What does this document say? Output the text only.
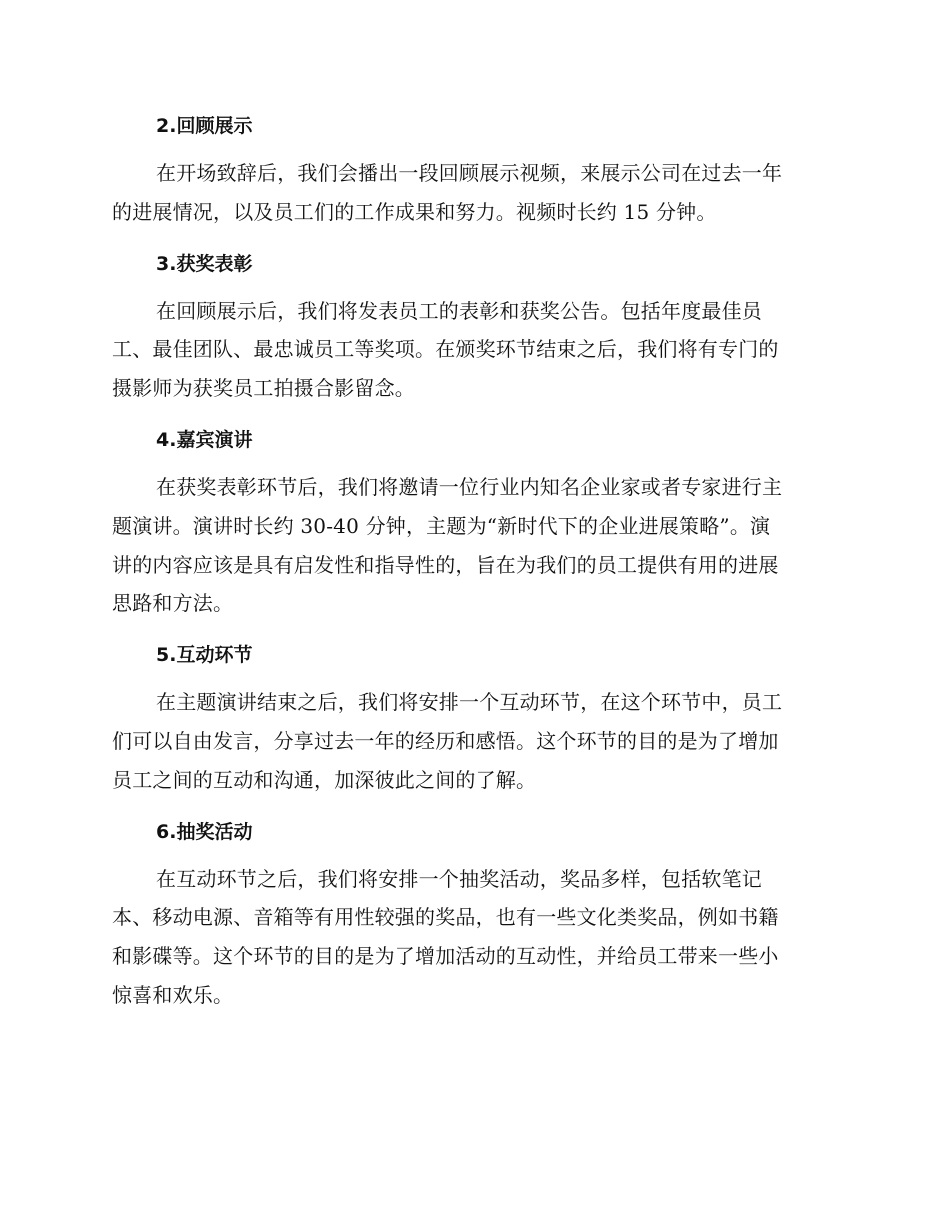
2.回顾展示
在开场致辞后，我们会播出一段回顾展示视频，来展示公司在过去一年
的进展情况，以及员工们的工作成果和努力。视频时长约 15 分钟。
3.获奖表彰
在回顾展示后，我们将发表员工的表彰和获奖公告。包括年度最佳员
工、最佳团队、最忠诚员工等奖项。在颁奖环节结束之后，我们将有专门的
摄影师为获奖员工拍摄合影留念。
4.嘉宾演讲
在获奖表彰环节后，我们将邀请一位行业内知名企业家或者专家进行主
题演讲。演讲时长约 30-40 分钟，主题为“新时代下的企业进展策略”。演
讲的内容应该是具有启发性和指导性的，旨在为我们的员工提供有用的进展
思路和方法。
5.互动环节
在主题演讲结束之后，我们将安排一个互动环节，在这个环节中，员工
们可以自由发言，分享过去一年的经历和感悟。这个环节的目的是为了增加
员工之间的互动和沟通，加深彼此之间的了解。
6.抽奖活动
在互动环节之后，我们将安排一个抽奖活动，奖品多样，包括软笔记
本、移动电源、音箱等有用性较强的奖品，也有一些文化类奖品，例如书籍
和影碟等。这个环节的目的是为了增加活动的互动性，并给员工带来一些小
惊喜和欢乐。
